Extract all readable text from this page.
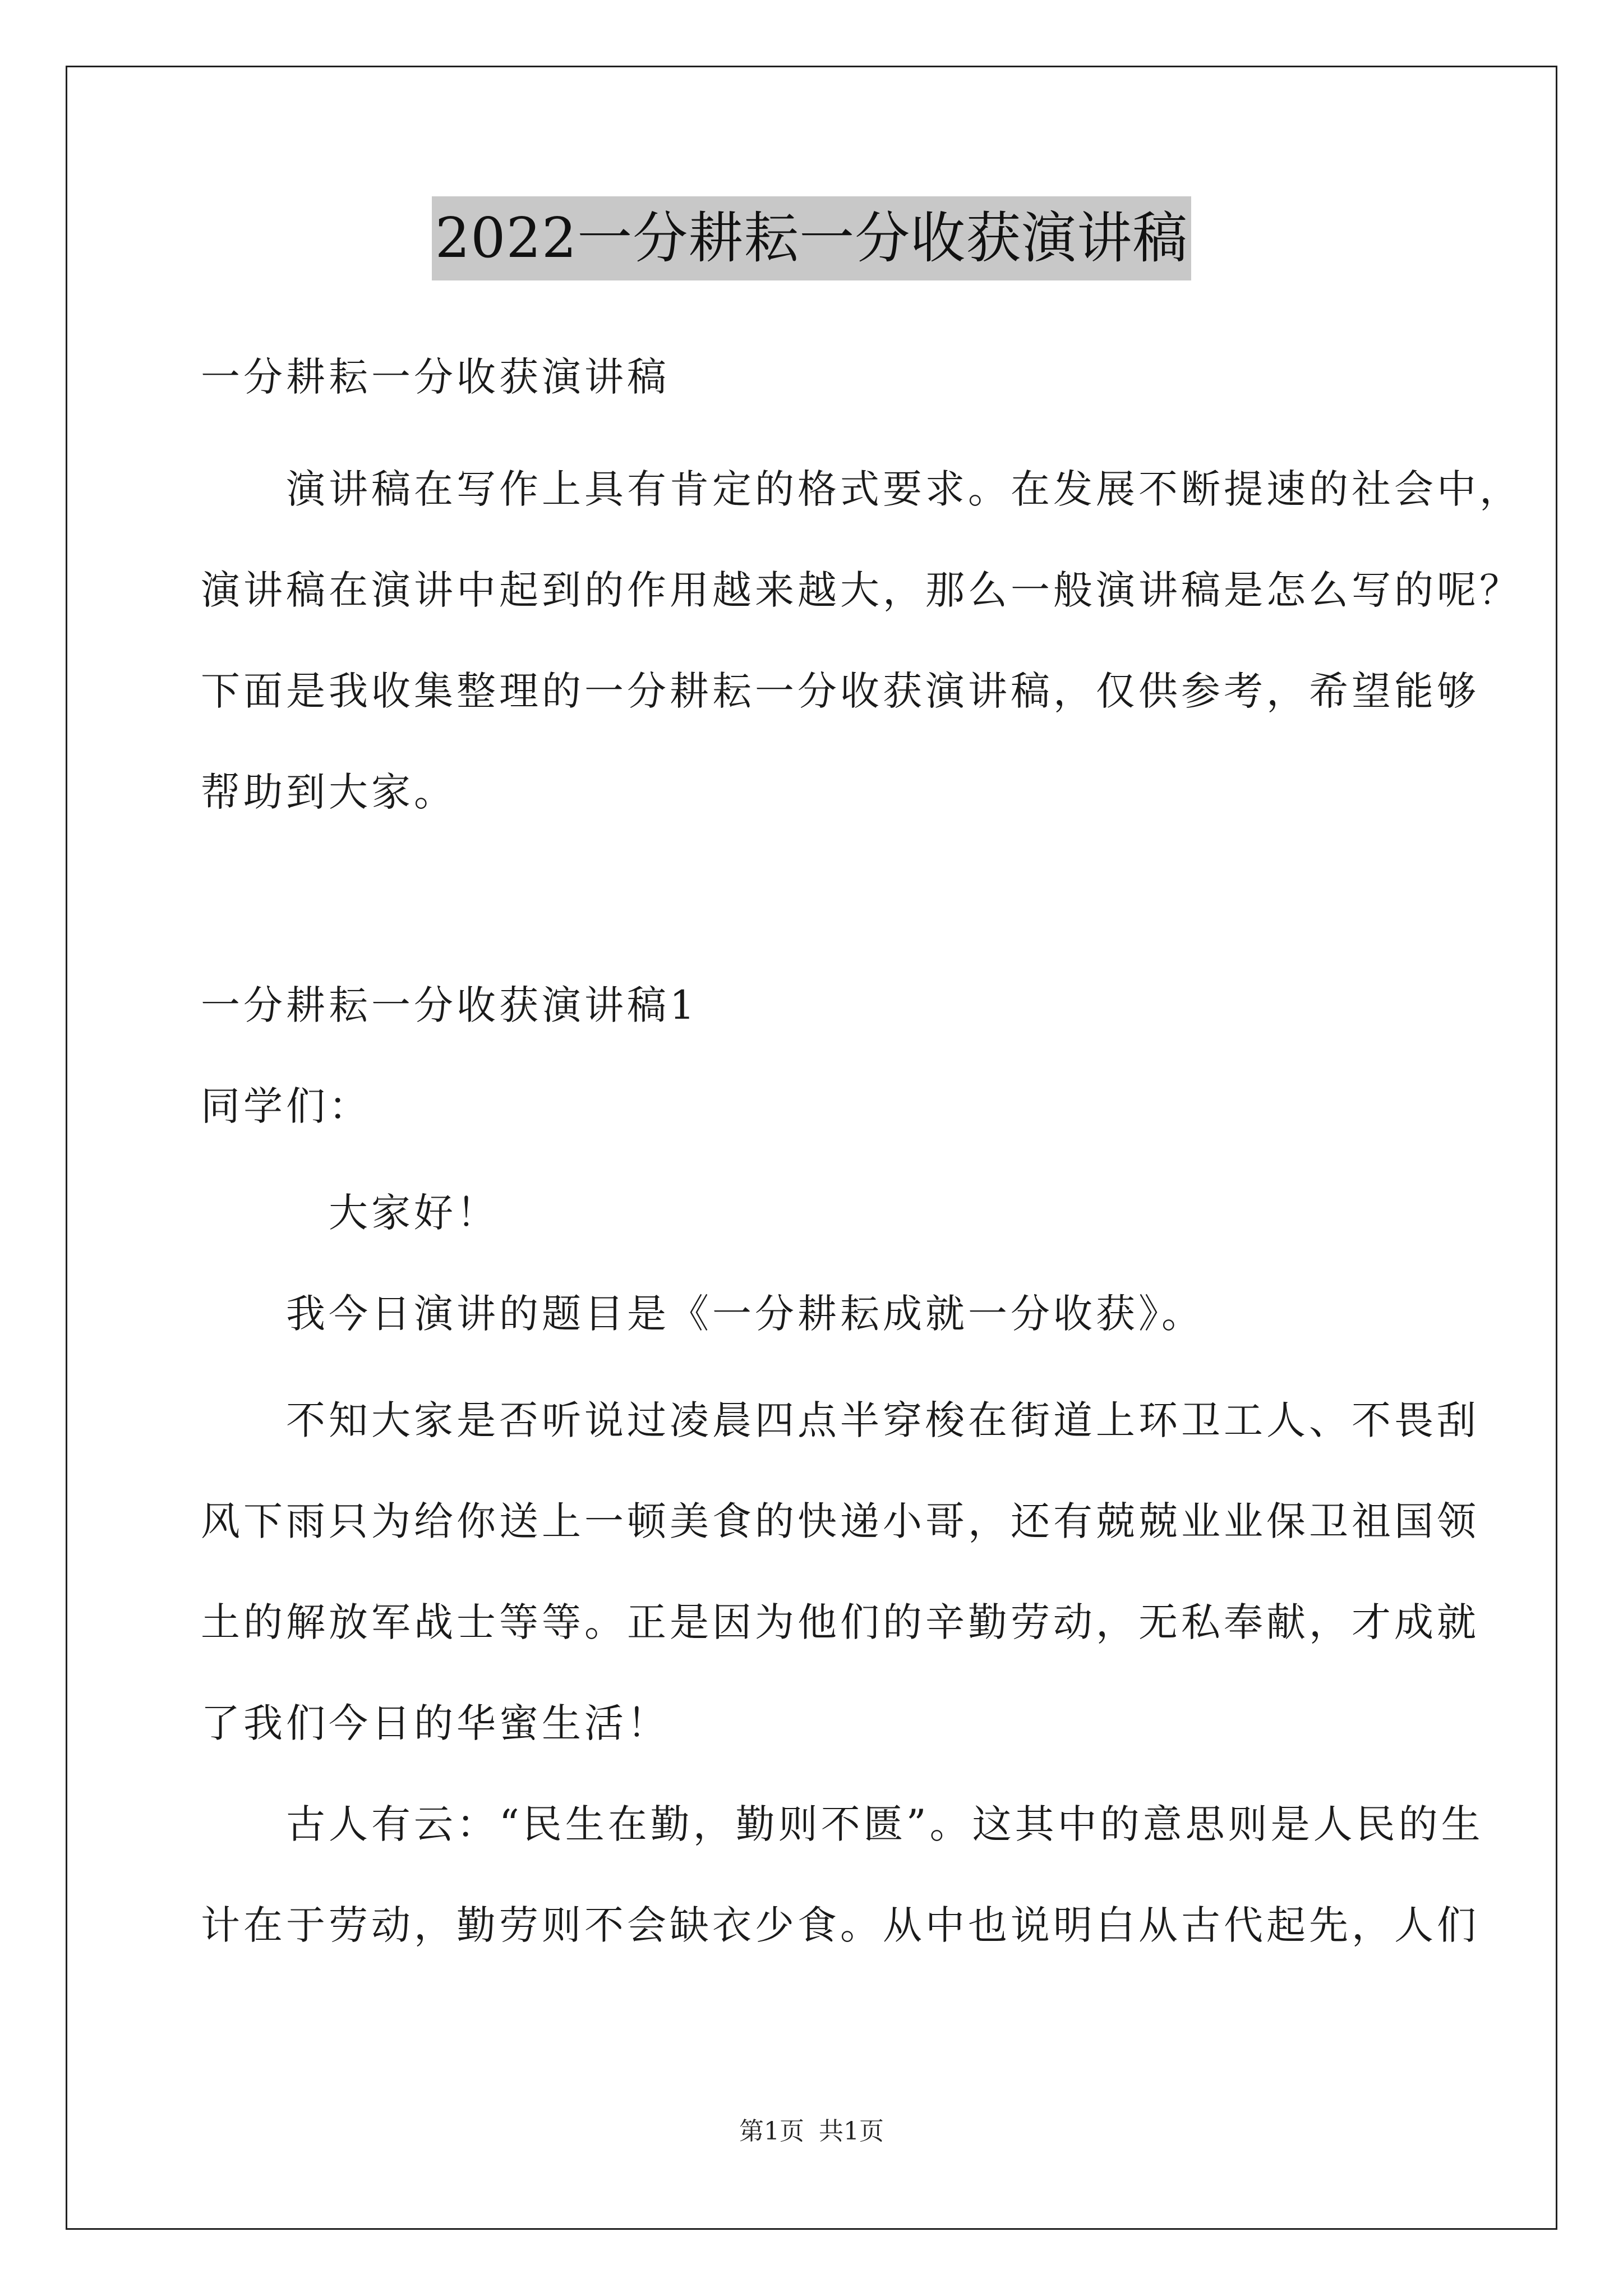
2022一分耕耘一分收获演讲稿
一分耕耘一分收获演讲稿
　　演讲稿在写作上具有肯定的格式要求。在发展不断提速的社会中，
演讲稿在演讲中起到的作用越来越大，那么一般演讲稿是怎么写的呢？
下面是我收集整理的一分耕耘一分收获演讲稿，仅供参考，希望能够
帮助到大家。
一分耕耘一分收获演讲稿1
同学们：
　　　大家好！
　　我今日演讲的题目是《一分耕耘成就一分收获》。
　　不知大家是否听说过凌晨四点半穿梭在街道上环卫工人、不畏刮
风下雨只为给你送上一顿美食的快递小哥，还有兢兢业业保卫祖国领
土的解放军战士等等。正是因为他们的辛勤劳动，无私奉献，才成就
了我们今日的华蜜生活！
　　古人有云：“民生在勤，勤则不匮”。这其中的意思则是人民的生
计在于劳动，勤劳则不会缺衣少食。从中也说明白从古代起先，人们
第1页 共1页
